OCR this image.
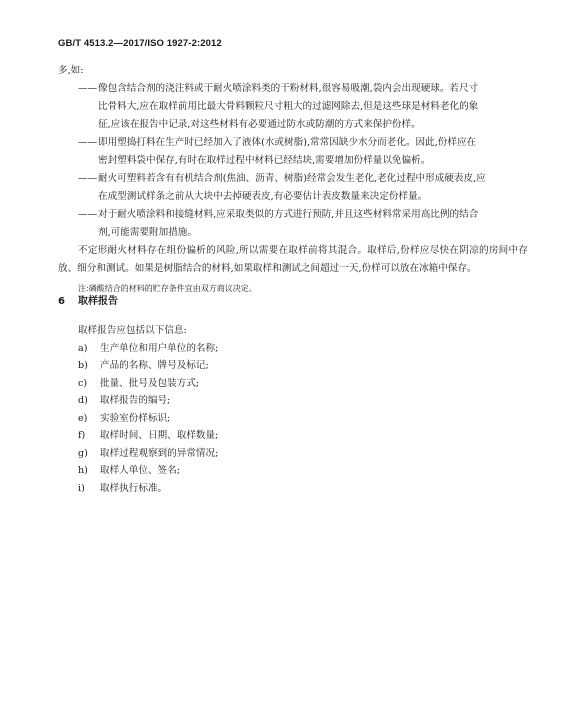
GB/T 4513.2—2017/ISO 1927-2:2012
多,如:
—— 像包含结合剂的浇注料或干耐火喷涂料类的干粉材料,很容易吸潮,袋内会出现硬球。若尺寸
比骨料大,应在取样前用比最大骨料颗粒尺寸粗大的过滤网除去,但是这些球是材料老化的象
征,应该在报告中记录,对这些材料有必要通过防水或防潮的方式来保护份样。
—— 即用塑捣打料在生产时已经加入了液体(水或树脂),常常因缺少水分而老化。因此,份样应在
密封塑料袋中保存,有时在取样过程中材料已经结块,需要增加份样量以免偏析。
—— 耐火可塑料若含有有机结合剂(焦油、沥青、树脂)经常会发生老化,老化过程中形成硬表皮,应
在成型测试样条之前从大块中去掉硬表皮,有必要估计表皮数量来决定份样量。
—— 对于耐火喷涂料和接缝材料,应采取类似的方式进行预防,并且这些材料常采用高比例的结合
剂,可能需要附加措施。
不定形耐火材料存在组份偏析的风险,所以需要在取样前将其混合。取样后,份样应尽快在阴凉的房间中存放、细分和测试。如果是树脂结合的材料,如果取样和测试之间超过一天,份样可以放在冰箱中保存。
注:磷酸结合的材料的贮存条件宜由双方商议决定。
6 取样报告
取样报告应包括以下信息:
a)	生产单位和用户单位的名称;
b)	产品的名称、牌号及标记;
c)	批量、批号及包装方式;
d)	取样报告的编号;
e)	实验室份样标识;
f)	取样时间、日期、取样数量;
g)	取样过程观察到的异常情况;
h)	取样人单位、签名;
i)	取样执行标准。
